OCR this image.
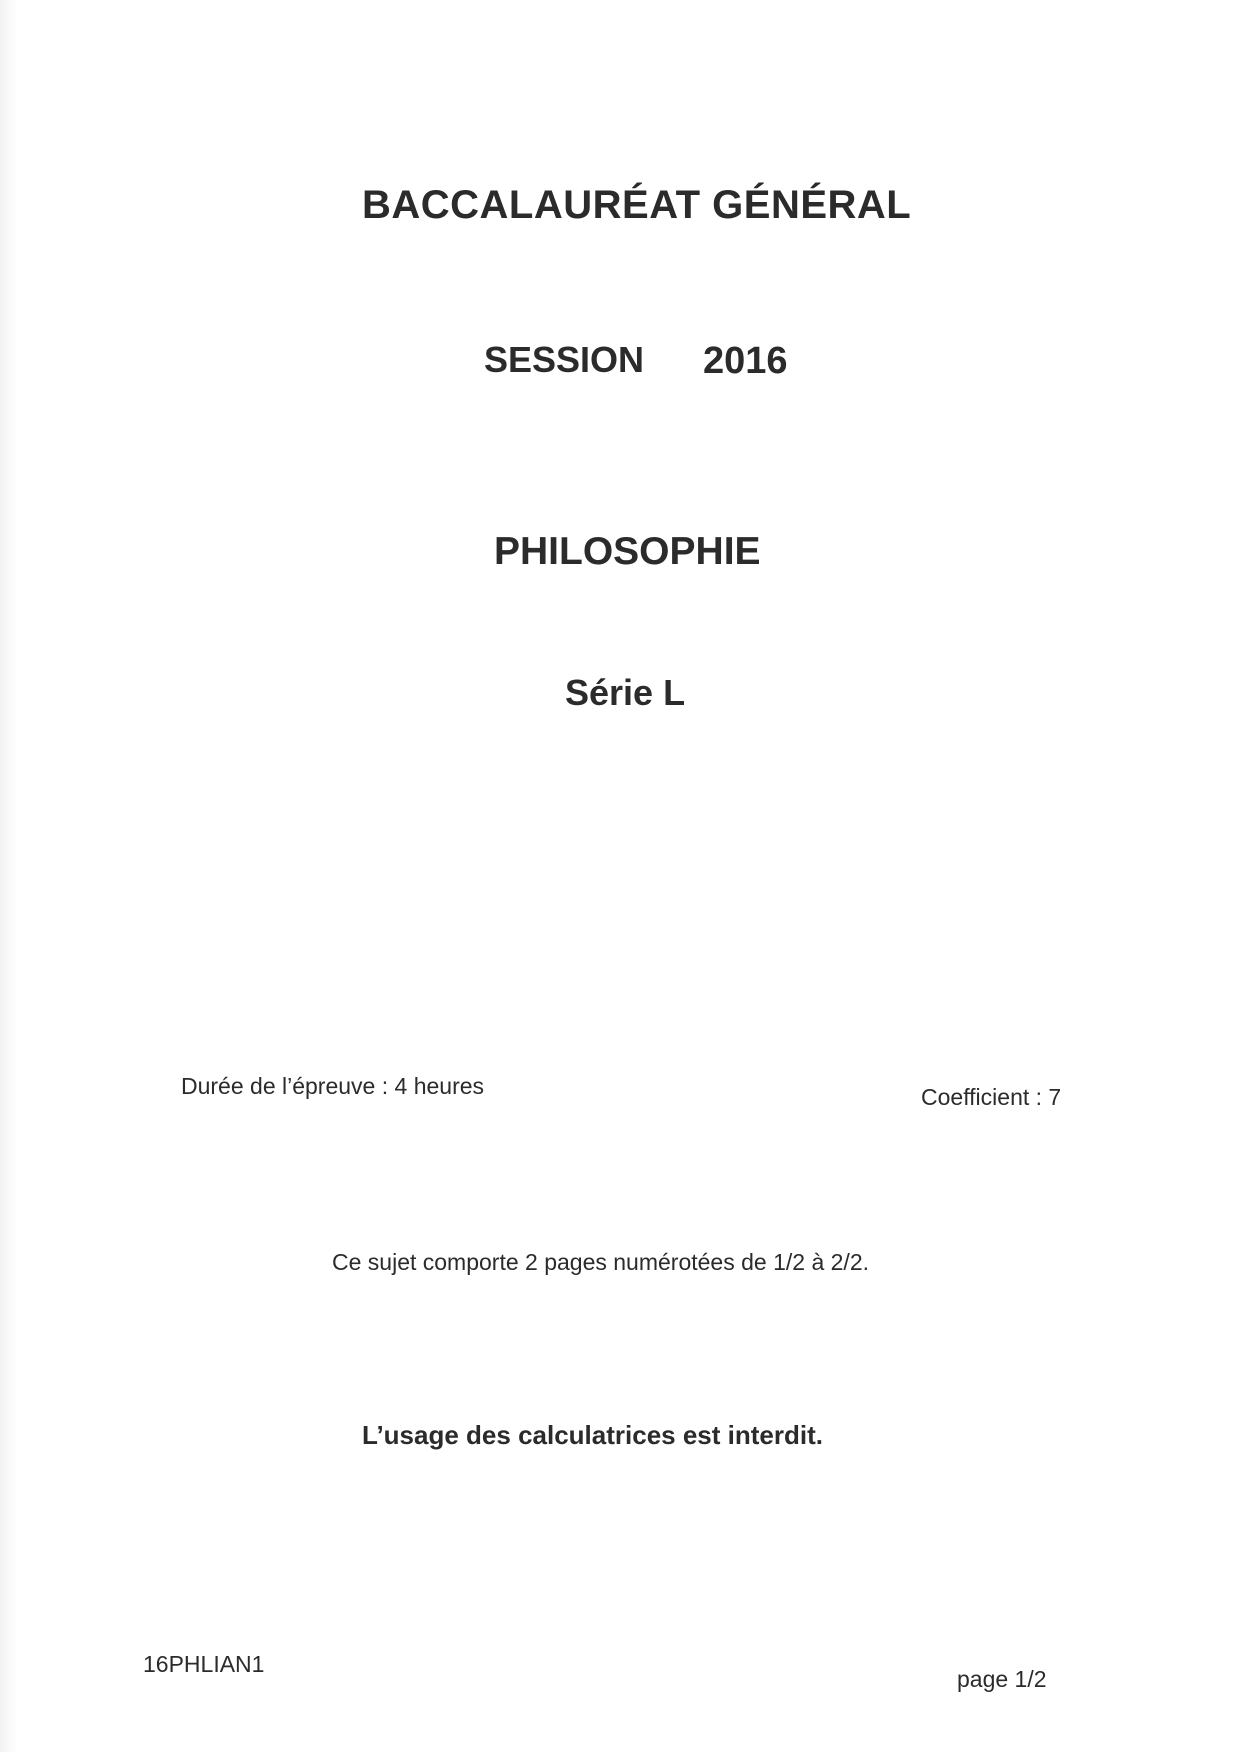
BACCALAURÉAT GÉNÉRAL
SESSION 2016
PHILOSOPHIE
Série L
Durée de l’épreuve : 4 heures	Coefficient : 7
Ce sujet comporte 2 pages numérotées de 1/2 à 2/2.
L’usage des calculatrices est interdit.
16PHLIAN1
page 1/2
